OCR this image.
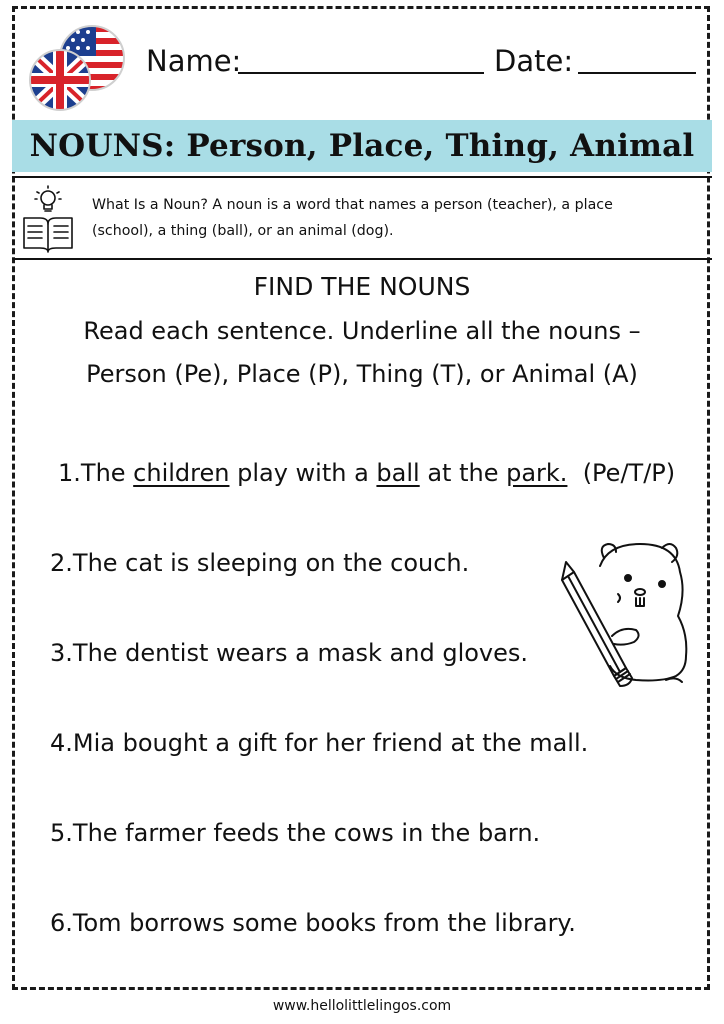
Name:	Date:
NOUNS: Person, Place, Thing, Animal
What Is a Noun? A noun is a word that names a person (teacher), a place
(school), a thing (ball), or an animal (dog).
FIND THE NOUNS
Read each sentence. Underline all the nouns –
Person (Pe), Place (P), Thing (T), or Animal (A)
1.The children play with a ball at the park.  (Pe/T/P)
2.The cat is sleeping on the couch.
3.The dentist wears a mask and gloves.
4.Mia bought a gift for her friend at the mall.
5.The farmer feeds the cows in the barn.
6.Tom borrows some books from the library.
www.hellolittlelingos.com
